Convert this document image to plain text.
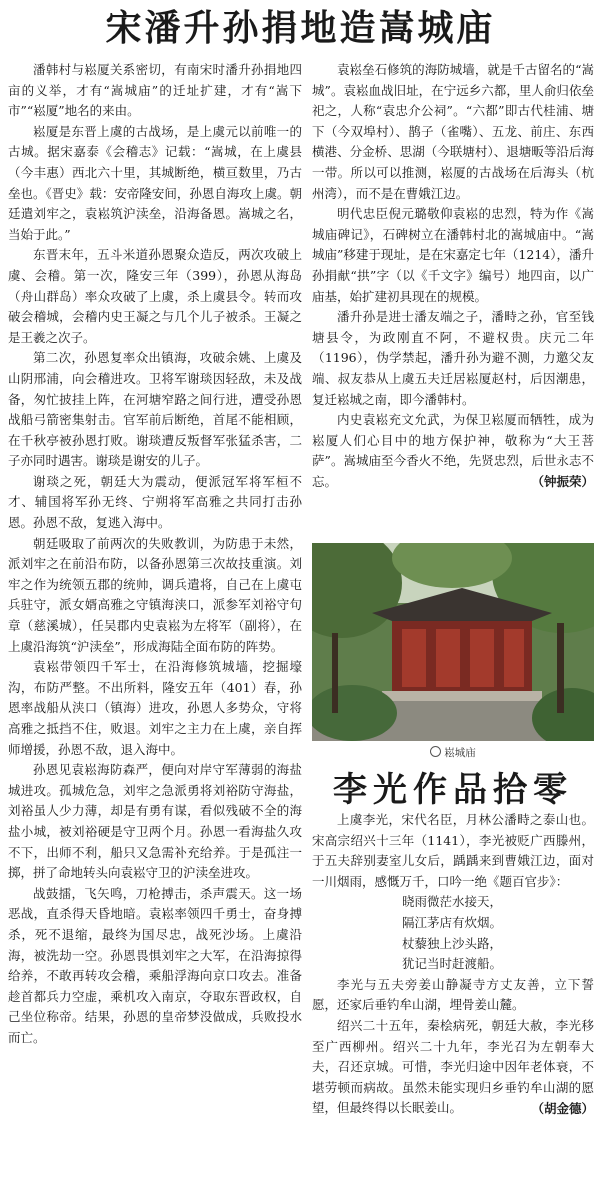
宋潘升孙捐地造嵩城庙

潘韩村与崧厦关系密切，有南宋时潘升孙捐地四亩的义举，才有“嵩城庙”的迁址扩建，才有“嵩下市”“崧厦”地名的来由。

崧厦是东晋上虞的古战场，是上虞元以前唯一的古城。据宋嘉泰《会稽志》记载：“嵩城，在上虞县（今丰惠）西北六十里，其城断绝，横亘数里，乃古垒也。《晋史》载：安帝隆安间，孙恩自海攻上虞。朝廷遣刘牢之，袁崧筑沪渎垒，沿海备恩。嵩城之名，当始于此。”

东晋末年，五斗米道孙恩聚众造反，两次攻破上虞、会稽。第一次，隆安三年（399），孙恩从海岛（舟山群岛）率众攻破了上虞，杀上虞县令。转而攻破会稽城，会稽内史王凝之与几个儿子被杀。王凝之是王羲之次子。

第二次，孙恩复率众出镇海，攻破余姚、上虞及山阴邢浦，向会稽进攻。卫将军谢琰因轻敌，未及战备，匆忙披挂上阵，在河塘窄路之间行进，遭受孙恩战船弓箭密集射击。官军前后断绝，首尾不能相顾，在千秋亭被孙恩打败。谢琰遭反叛督军张猛杀害，二子亦同时遇害。谢琰是谢安的儿子。

谢琰之死，朝廷大为震动，便派冠军将军桓不才、辅国将军孙无终、宁朔将军高雅之共同打击孙恩。孙恩不敌，复逃入海中。

朝廷吸取了前两次的失败教训，为防患于未然，派刘牢之在前沿布防，以备孙恩第三次故技重演。刘牢之作为统领五郡的统帅，调兵遣将，自己在上虞屯兵驻守，派女婿高雅之守镇海浃口，派参军刘裕守句章（慈溪城），任吴郡内史袁崧为左将军（副将），在上虞沿海筑“沪渎垒”，形成海陆全面布防的阵势。

袁崧带领四千军士，在沿海修筑城墙，挖掘壕沟，布防严整。不出所料，隆安五年（401）春，孙恩率战船从浃口（镇海）进攻，孙恩人多势众，守将高雅之抵挡不住，败退。刘牢之主力在上虞，亲自挥师增援，孙恩不敌，退入海中。

孙恩见袁崧海防森严，便向对岸守军薄弱的海盐城进攻。孤城危急，刘牢之急派勇将刘裕防守海盐，刘裕虽人少力薄，却是有勇有谋，看似残破不全的海盐小城，被刘裕硬是守卫两个月。孙恩一看海盐久攻不下，出师不利，船只又急需补充给养。于是孤注一掷，拼了命地转头向袁崧守卫的沪渎垒进攻。

战鼓擂，飞矢鸣，刀枪搏击，杀声震天。这一场恶战，直杀得天昏地暗。袁崧率领四千勇士，奋身搏杀，死不退缩，最终为国尽忠，战死沙场。上虞沿海，被洗劫一空。孙恩畏惧刘牢之大军，在沿海掠得给养，不敢再转攻会稽，乘船浮海向京口攻去。准备趁首都兵力空虚，乘机攻入南京，夺取东晋政权，自己坐位称帝。结果，孙恩的皇帝梦没做成，兵败投水而亡。

袁崧垒石修筑的海防城墙，就是千古留名的“嵩城”。袁崧血战旧址，在宁远乡六都，里人俞归依垒祀之，人称“袁忠介公祠”。“六都”即古代桂浦、塘下（今双埠村）、鹊子（雀嘴）、五龙、前庄、东西横港、分金桥、思湖（今联塘村）、退塘畈等沿后海一带。所以可以推测，崧厦的古战场在后海头（杭州湾），而不是在曹娥江边。

明代忠臣倪元璐敬仰袁崧的忠烈，特为作《嵩城庙碑记》，石碑树立在潘韩村北的嵩城庙中。“嵩城庙”移建于现址，是在宋嘉定七年（1214），潘升孙捐献“拱”字（以《千文字》编号）地四亩，以广庙基，始扩建初具现在的规模。

潘升孙是进士潘友端之子，潘畤之孙，官至钱塘县令，为政刚直不阿，不避权贵。庆元二年（1196），伪学禁起，潘升孙为避不测，力邀父友端、叔友恭从上虞五夫迁居崧厦赵村，后因潮患，复迁崧城之南，即今潘韩村。

内史袁崧充文允武，为保卫崧厦而牺牲，成为崧厦人们心目中的地方保护神，敬称为“大王菩萨”。嵩城庙至今香火不绝，先贤忠烈，后世永志不忘。	（钟振荣）
崧城庙
李光作品拾零

上虞李光，宋代名臣，月林公潘畤之泰山也。宋高宗绍兴十三年（1141），李光被贬广西滕州，于五夫辞别妻室儿女后，踽踽来到曹娥江边，面对一川烟雨，感慨万千，口吟一绝《题百官步》：

晓雨微茫水接天，

隔江茅店有炊烟。

杖藜独上沙头路，

犹记当时赶渡船。

李光与五夫旁姜山静凝寺方丈友善，立下誓愿，还家后垂钓牟山湖，埋骨姜山麓。

绍兴二十五年，秦桧病死，朝廷大赦，李光移至广西柳州。绍兴二十九年，李光召为左朝奉大夫，召还京城。可惜，李光归途中因年老体衰，不堪劳顿而病故。虽然未能实现归乡垂钓牟山湖的愿望，但最终得以长眠姜山。	（胡金德）
